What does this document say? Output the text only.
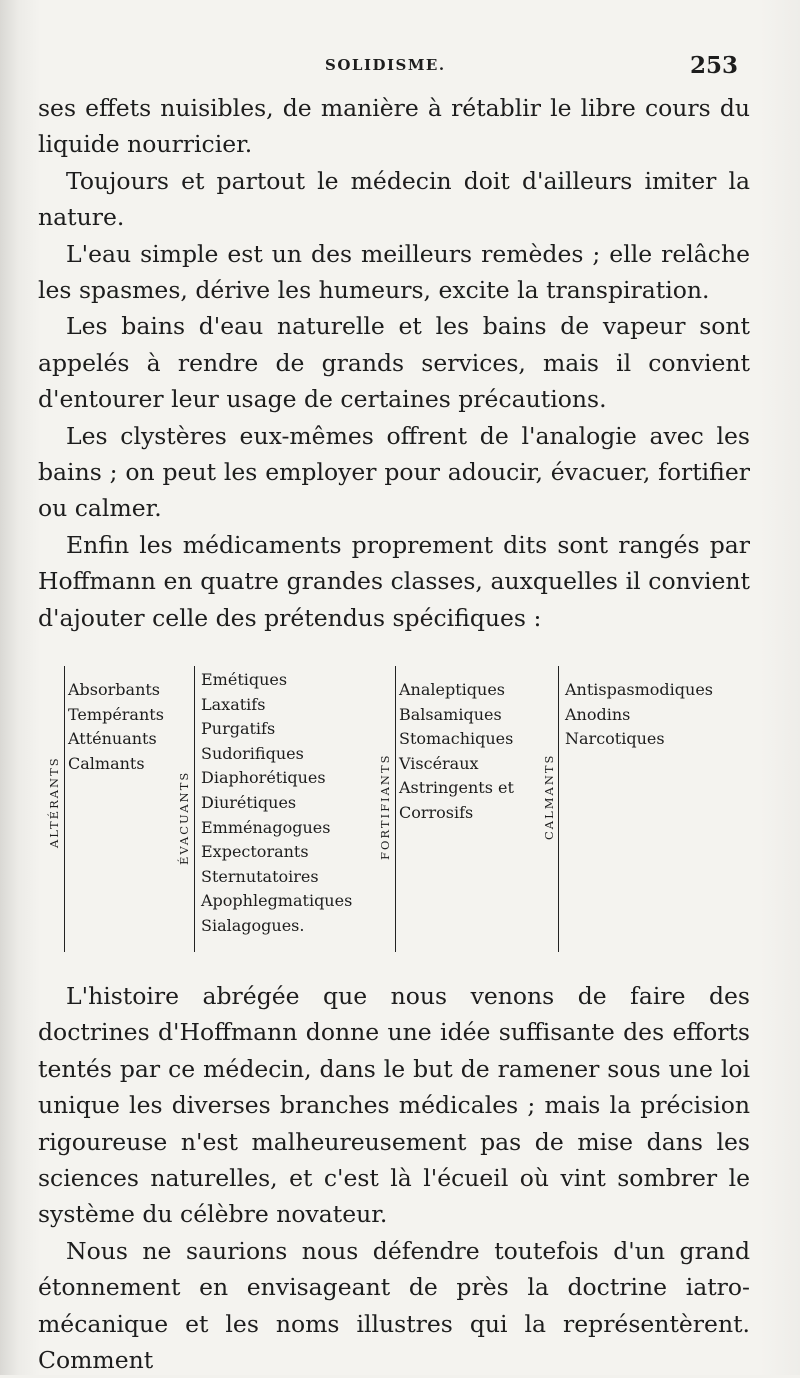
SOLIDISME.	253

ses effets nuisibles, de manière à rétablir le libre cours du liquide nourricier.

Toujours et partout le médecin doit d'ailleurs imiter la nature.

L'eau simple est un des meilleurs remèdes ; elle relâche les spasmes, dérive les humeurs, excite la transpiration.

Les bains d'eau naturelle et les bains de vapeur sont appelés à rendre de grands services, mais il convient d'entourer leur usage de certaines précautions.

Les clystères eux-mêmes offrent de l'analogie avec les bains ; on peut les employer pour adoucir, évacuer, fortifier ou calmer.

Enfin les médicaments proprement dits sont rangés par Hoffmann en quatre grandes classes, auxquelles il convient d'ajouter celle des prétendus spécifiques :

ALTÉRANTS
Absorbants
Tempérants
Atténuants
Calmants
ÉVACUANTS
Emétiques
Laxatifs
Purgatifs
Sudorifiques
Diaphorétiques
Diurétiques
Emménagogues
Expectorants
Sternutatoires
Apophlegmatiques
Sialagogues.
FORTIFIANTS
Analeptiques
Balsamiques
Stomachiques
Viscéraux
Astringents et
Corrosifs	CALMANTS
Antispasmodiques
Anodins
Narcotiques

L'histoire abrégée que nous venons de faire des doctrines d'Hoffmann donne une idée suffisante des efforts tentés par ce médecin, dans le but de ramener sous une loi unique les diverses branches médicales ; mais la précision rigoureuse n'est malheureusement pas de mise dans les sciences naturelles, et c'est là l'écueil où vint sombrer le système du célèbre novateur.

Nous ne saurions nous défendre toutefois d'un grand étonnement en envisageant de près la doctrine iatro-mécanique et les noms illustres qui la représentèrent. Comment
